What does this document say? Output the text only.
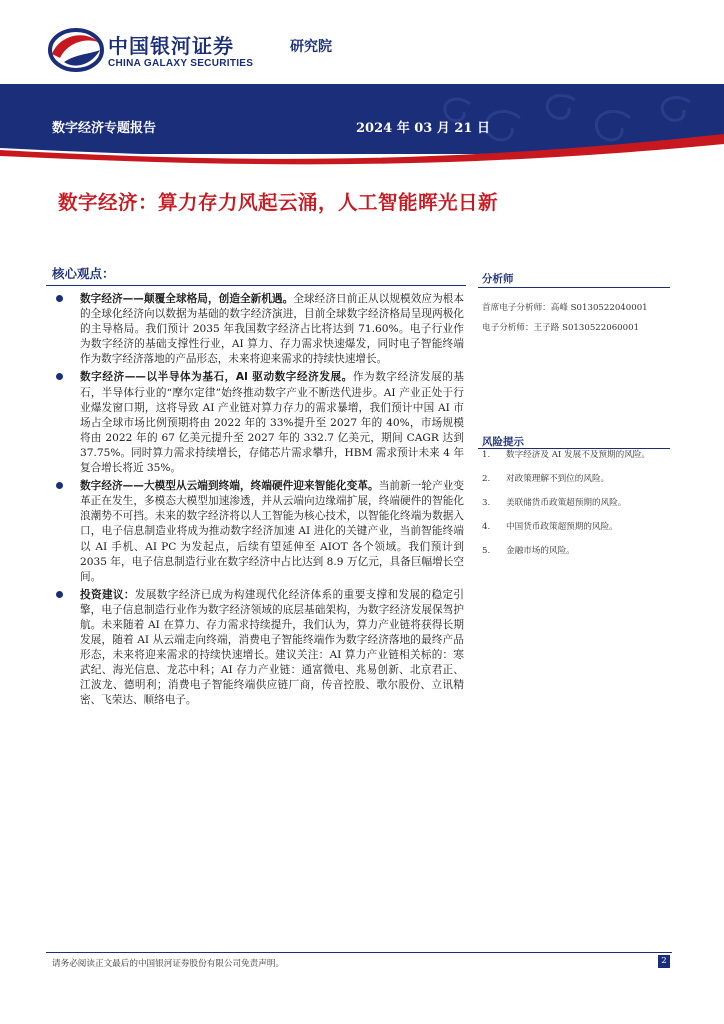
中国银河证券	研究院
CHINA GALAXY SECURITIES
数字经济专题报告	2024 年 03 月 21 日
数字经济：算力存力风起云涌，人工智能晖光日新
核心观点：
数字经济——颠覆全球格局，创造全新机遇。全球经济日前正从以规模效应为根本的全球化经济向以数据为基础的数字经济演进，目前全球数字经济格局呈现两极化的主导格局。我们预计 2035 年我国数字经济占比将达到 71.60%。电子行业作为数字经济的基础支撑性行业，AI 算力、存力需求快速爆发，同时电子智能终端作为数字经济落地的产品形态，未来将迎来需求的持续快速增长。
数字经济——以半导体为基石，AI 驱动数字经济发展。作为数字经济发展的基石，半导体行业的“摩尔定律”始终推动数字产业不断迭代进步。AI 产业正处于行业爆发窗口期，这将导致 AI 产业链对算力存力的需求暴增，我们预计中国 AI 市场占全球市场比例预期将由 2022 年的 33%提升至 2027 年的 40%，市场规模将由 2022 年的 67 亿美元提升至 2027 年的 332.7 亿美元，期间 CAGR 达到 37.75%。同时算力需求持续增长，存储芯片需求攀升，HBM 需求预计未来 4 年复合增长将近 35%。
数字经济——大模型从云端到终端，终端硬件迎来智能化变革。当前新一轮产业变革正在发生，多模态大模型加速渗透，并从云端向边缘端扩展，终端硬件的智能化浪潮势不可挡。未来的数字经济将以人工智能为核心技术，以智能化终端为数据入口，电子信息制造业将成为推动数字经济加速 AI 进化的关键产业，当前智能终端以 AI 手机、AI PC 为发起点，后续有望延伸至 AIOT 各个领域。我们预计到 2035 年，电子信息制造行业在数字经济中占比达到 8.9 万亿元，具备巨幅增长空间。
投资建议：发展数字经济已成为构建现代化经济体系的重要支撑和发展的稳定引擎，电子信息制造行业作为数字经济领域的底层基础架构，为数字经济发展保驾护航。未来随着 AI 在算力、存力需求持续提升，我们认为，算力产业链将获得长期发展，随着 AI 从云端走向终端，消费电子智能终端作为数字经济落地的最终产品形态，未来将迎来需求的持续快速增长。建议关注：AI 算力产业链相关标的：寒武纪、海光信息、龙芯中科；AI 存力产业链：通富微电、兆易创新、北京君正、江波龙、德明利；消费电子智能终端供应链厂商，传音控股、歌尔股份、立讯精密、飞荣达、顺络电子。
分析师
首席电子分析师：高峰 S0130522040001
电子分析师：王子路 S0130522060001
风险提示
1. 数字经济及 AI 发展不及预期的风险。
2. 对政策理解不到位的风险。
3. 美联储货币政策超预期的风险。
4. 中国货币政策超预期的风险。
5. 金融市场的风险。
请务必阅读正文最后的中国银河证券股份有限公司免责声明。	2
